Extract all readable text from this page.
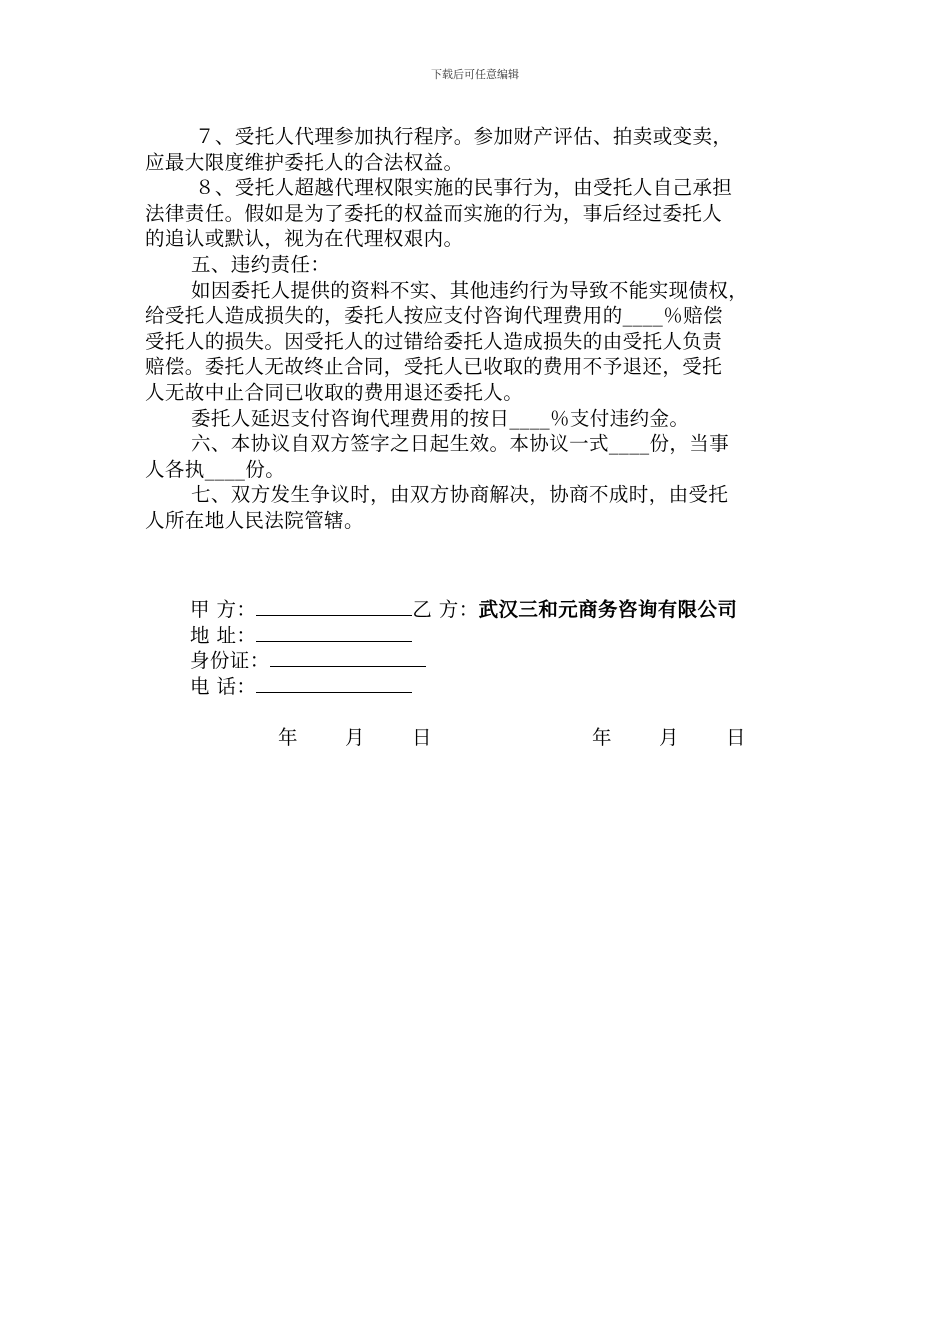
下载后可任意编辑

７、受托人代理参加执行程序。参加财产评估、拍卖或变卖，

应最大限度维护委托人的合法权益。

８、受托人超越代理权限实施的民事行为，由受托人自己承担

法律责任。假如是为了委托的权益而实施的行为，事后经过委托人

的追认或默认，视为在代理权艰内。

五、违约责任：

如因委托人提供的资料不实、其他违约行为导致不能实现债权，

给受托人造成损失的，委托人按应支付咨询代理费用的____％赔偿

受托人的损失。因受托人的过错给委托人造成损失的由受托人负责

赔偿。委托人无故终止合同，受托人已收取的费用不予退还，受托

人无故中止合同已收取的费用退还委托人。

委托人延迟支付咨询代理费用的按日____％支付违约金。

六、本协议自双方签字之日起生效。本协议一式____份，当事

人各执____份。

七、双方发生争议时，由双方协商解决，协商不成时，由受托

人所在地人民法院管辖。

甲 方：	乙 方：武汉三和元商务咨询有限公司
地 址：
身份证：
电 话：
年 月 日	年 月 日
